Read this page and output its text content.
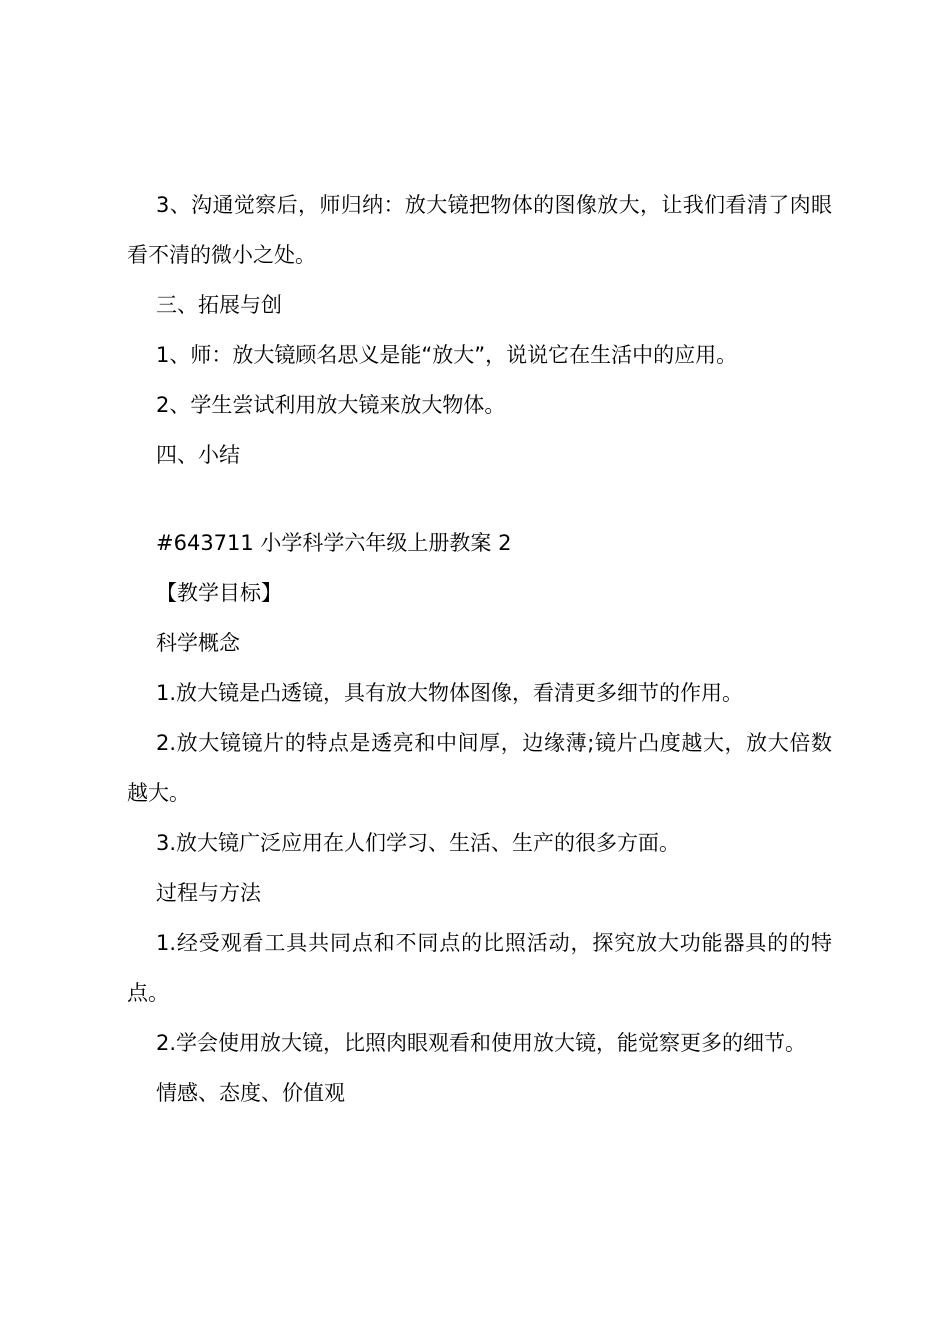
3、沟通觉察后，师归纳：放大镜把物体的图像放大，让我们看清了肉眼看不清的微小之处。

三、拓展与创

1、师：放大镜顾名思义是能“放大”，说说它在生活中的应用。

2、学生尝试利用放大镜来放大物体。

四、小结

#643711 小学科学六年级上册教案 2

【教学目标】

科学概念

1.放大镜是凸透镜，具有放大物体图像，看清更多细节的作用。

2.放大镜镜片的特点是透亮和中间厚，边缘薄;镜片凸度越大，放大倍数越大。

3.放大镜广泛应用在人们学习、生活、生产的很多方面。

过程与方法

1.经受观看工具共同点和不同点的比照活动，探究放大功能器具的的特点。

2.学会使用放大镜，比照肉眼观看和使用放大镜，能觉察更多的细节。

情感、态度、价值观
